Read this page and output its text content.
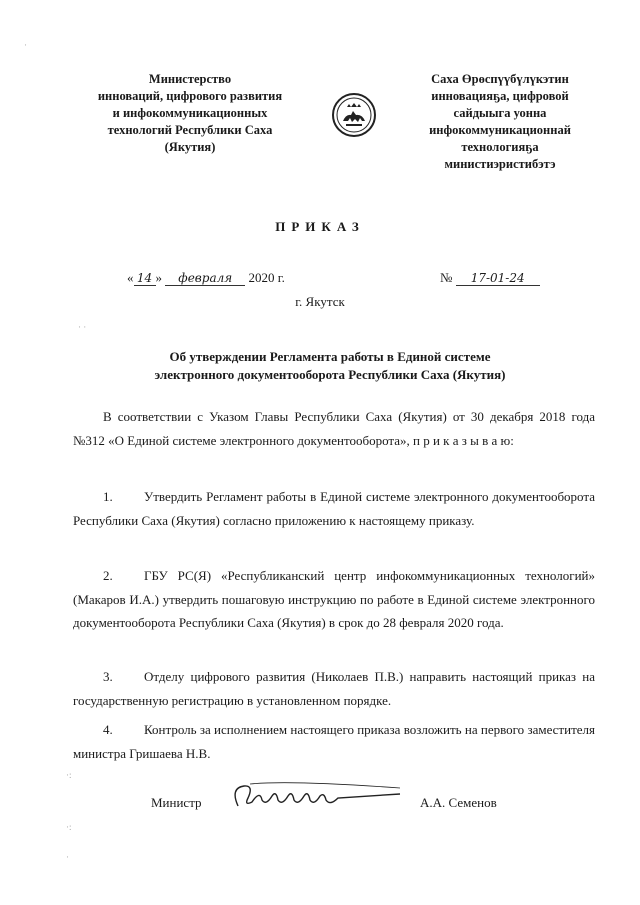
Министерство
инноваций, цифрового развития
и инфокоммуникационных
технологий Республики Саха
(Якутия)
Саха Өрөспүүбүлүкэтин
инновацияҕа, цифровой
сайдыыга уонна
инфокоммуникационнай
технологияҕа
министиэристибэтэ
ПРИКАЗ
« 14 » февраля 2020 г.	№ 17-01-24
г. Якутск
Об утверждении Регламента работы в Единой системе
электронного документооборота Республики Саха (Якутия)
В соответствии с Указом Главы Республики Саха (Якутия) от 30 декабря 2018 года №312 «О Единой системе электронного документооборота», п р и к а з ы в а ю:
1. Утвердить Регламент работы в Единой системе электронного документооборота Республики Саха (Якутия) согласно приложению к настоящему приказу.
2. ГБУ РС(Я) «Республиканский центр инфокоммуникационных технологий» (Макаров И.А.) утвердить пошаговую инструкцию по работе в Единой системе электронного документооборота Республики Саха (Якутия) в срок до 28 февраля 2020 года.
3. Отделу цифрового развития (Николаев П.В.) направить настоящий приказ на государственную регистрацию в установленном порядке.
4. Контроль за исполнением настоящего приказа возложить на первого заместителя министра Гришаева Н.В.
Министр	А.А. Семенов
·
· ·
·:
·:
·
